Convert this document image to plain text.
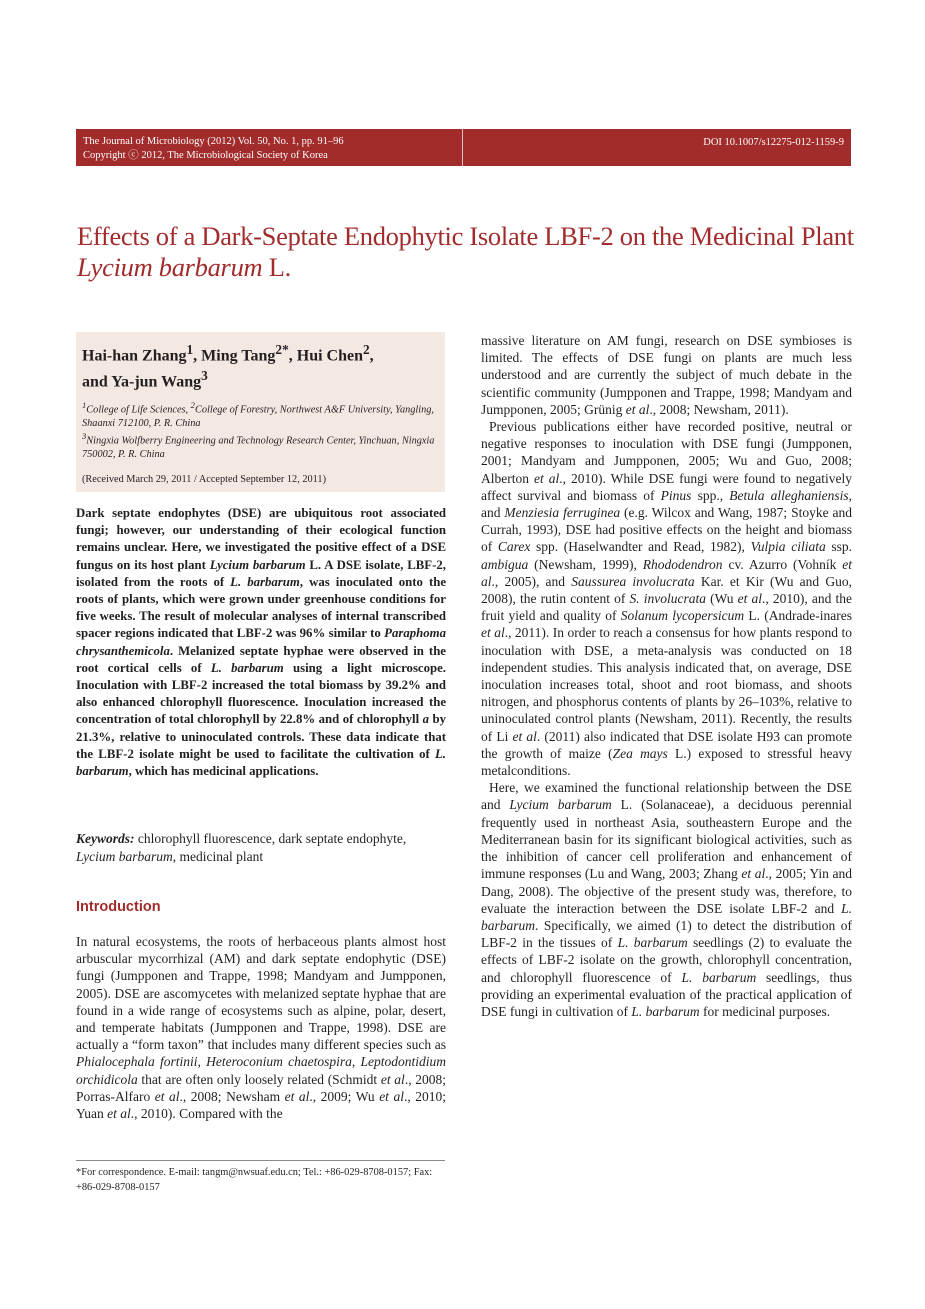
The Journal of Microbiology (2012) Vol. 50, No. 1, pp. 91–96
Copyright ⓒ 2012, The Microbiological Society of Korea
DOI 10.1007/s12275-012-1159-9
Effects of a Dark-Septate Endophytic Isolate LBF-2 on the Medicinal Plant Lycium barbarum L.
Hai-han Zhang$^1$, Ming Tang$^{2*}$, Hui Chen$^2$,
and Ya-jun Wang$^3$
$^1$College of Life Sciences, $^2$College of Forestry, Northwest A&F University, Yangling, Shaanxi 712100, P. R. China
$^3$Ningxia Wolfberry Engineering and Technology Research Center, Yinchuan, Ningxia 750002, P. R. China
(Received March 29, 2011 / Accepted September 12, 2011)
Dark septate endophytes (DSE) are ubiquitous root associated fungi; however, our understanding of their ecological function remains unclear. Here, we investigated the positive effect of a DSE fungus on its host plant Lycium barbarum L. A DSE isolate, LBF-2, isolated from the roots of L. barbarum, was inoculated onto the roots of plants, which were grown under greenhouse conditions for five weeks. The result of molecular analyses of internal transcribed spacer regions indicated that LBF-2 was 96% similar to Paraphoma chrysanthemicola. Melanized septate hyphae were observed in the root cortical cells of L. barbarum using a light microscope. Inoculation with LBF-2 increased the total biomass by 39.2% and also enhanced chlorophyll fluorescence. Inoculation increased the concentration of total chlorophyll by 22.8% and of chlorophyll a by 21.3%, relative to uninoculated controls. These data indicate that the LBF-2 isolate might be used to facilitate the cultivation of L. barbarum, which has medicinal applications.
Keywords: chlorophyll fluorescence, dark septate endophyte, Lycium barbarum, medicinal plant
Introduction
In natural ecosystems, the roots of herbaceous plants almost host arbuscular mycorrhizal (AM) and dark septate endophytic (DSE) fungi (Jumpponen and Trappe, 1998; Mandyam and Jumpponen, 2005). DSE are ascomycetes with melanized septate hyphae that are found in a wide range of ecosystems such as alpine, polar, desert, and temperate habitats (Jumpponen and Trappe, 1998). DSE are actually a “form taxon” that includes many different species such as Phialocephala fortinii, Heteroconium chaetospira, Leptodontidium orchidicola that are often only loosely related (Schmidt et al., 2008; Porras-Alfaro et al., 2008; Newsham et al., 2009; Wu et al., 2010; Yuan et al., 2010). Compared with the
*For correspondence. E-mail: tangm@nwsuaf.edu.cn; Tel.: +86-029-8708-0157; Fax: +86-029-8708-0157

massive literature on AM fungi, research on DSE symbioses is limited. The effects of DSE fungi on plants are much less understood and are currently the subject of much debate in the scientific community (Jumpponen and Trappe, 1998; Mandyam and Jumpponen, 2005; Grünig et al., 2008; Newsham, 2011).

Previous publications either have recorded positive, neutral or negative responses to inoculation with DSE fungi (Jumpponen, 2001; Mandyam and Jumpponen, 2005; Wu and Guo, 2008; Alberton et al., 2010). While DSE fungi were found to negatively affect survival and biomass of Pinus spp., Betula alleghaniensis, and Menziesia ferruginea (e.g. Wilcox and Wang, 1987; Stoyke and Currah, 1993), DSE had positive effects on the height and biomass of Carex spp. (Haselwandter and Read, 1982), Vulpia ciliata ssp. ambigua (Newsham, 1999), Rhododendron cv. Azurro (Vohník et al., 2005), and Saussurea involucrata Kar. et Kir (Wu and Guo, 2008), the rutin content of S. involucrata (Wu et al., 2010), and the fruit yield and quality of Solanum lycopersicum L. (Andrade-inares et al., 2011). In order to reach a consensus for how plants respond to inoculation with DSE, a meta-analysis was conducted on 18 independent studies. This analysis indicated that, on average, DSE inoculation increases total, shoot and root biomass, and shoots nitrogen, and phosphorus contents of plants by 26–103%, relative to uninoculated control plants (Newsham, 2011). Recently, the results of Li et al. (2011) also indicated that DSE isolate H93 can promote the growth of maize (Zea mays L.) exposed to stressful heavy metalconditions.

Here, we examined the functional relationship between the DSE and Lycium barbarum L. (Solanaceae), a deciduous perennial frequently used in northeast Asia, southeastern Europe and the Mediterranean basin for its significant biological activities, such as the inhibition of cancer cell proliferation and enhancement of immune responses (Lu and Wang, 2003; Zhang et al., 2005; Yin and Dang, 2008). The objective of the present study was, therefore, to evaluate the interaction between the DSE isolate LBF-2 and L. barbarum. Specifically, we aimed (1) to detect the distribution of LBF-2 in the tissues of L. barbarum seedlings (2) to evaluate the effects of LBF-2 isolate on the growth, chlorophyll concentration, and chlorophyll fluorescence of L. barbarum seedlings, thus providing an experimental evaluation of the practical application of DSE fungi in cultivation of L. barbarum for medicinal purposes.
